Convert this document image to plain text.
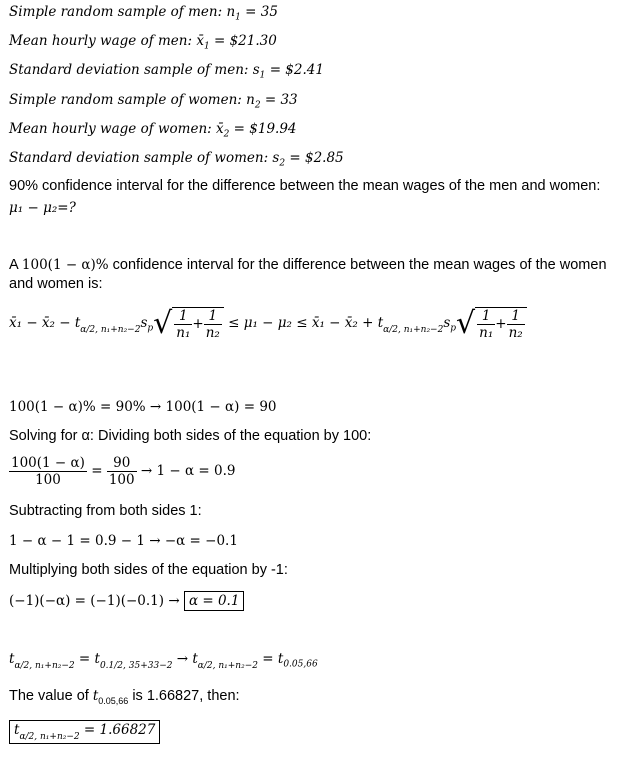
Simple random sample of men: $n_1 = 35$
Mean hourly wage of men: $x̄_1$ = $21.30
Standard deviation sample of men: $s_1$ = $2.41
Simple random sample of women: $n_2 = 33$
Mean hourly wage of women: $x̄_2$ = $19.94
Standard deviation sample of women: $s_2$ = $2.85
90% confidence interval for the difference between the mean wages of the men and women:
μ₁ − μ₂=?
A 100(1 − α)% confidence interval for the difference between the mean wages of the women
and women is:
x̄₁ − x̄₂ − $t_{\alpha/2, n_1+n_2-2}s_p√ \frac{1}{\text{n₁}} + \frac{1}{\text{n₂}} \le \mu_1 - \mu_2$ ≤ x̄₁ − x̄₂ + $t_{\alpha/2, n_1+n_2-2}s_p√ \frac{1}{\text{n₁}} + \frac{1}{\text{n₂}}$
100(1 − α)% = 90% → 100(1 − α) = 90
Solving for α: Dividing both sides of the equation by 100:
$\frac{100(1 - \alpha)}{100} = \frac{90}{100} \to 1 - \alpha = 0.9$
Subtracting from both sides 1:
1 − α − 1 = 0.9 − 1 → −α = −0.1
Multiplying both sides of the equation by -1:
(−1)(−α) = (−1)(−0.1) → α = 0.1
$t_{\alpha/2, n_1+n_2-2} = t_{0.1/2, 35+33-2} \to t_{\alpha/2, n_1+n_2-2} = t_{0.05,66}$
The value of $t_{0.05,66}$ is 1.66827, then:
$t_{\alpha/2, n_1+n_2-2} = 1.66827$
